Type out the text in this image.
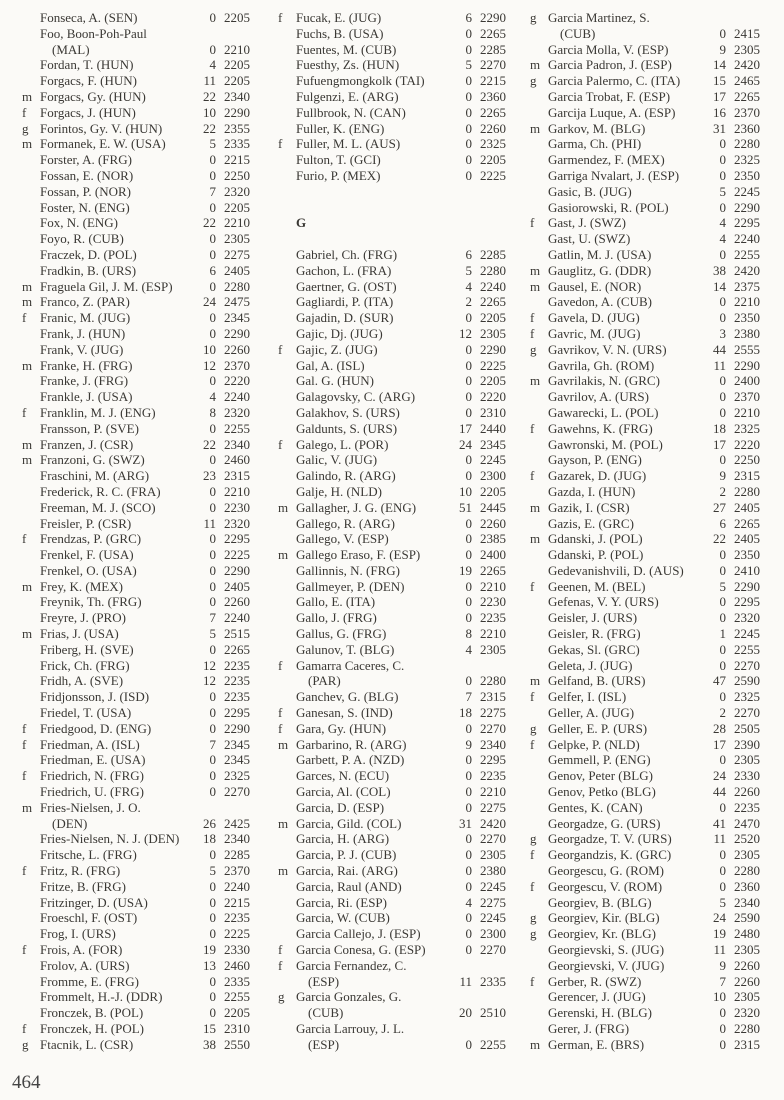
Fonseca, A. (SEN)	0 2205
Foo, Boon-Poh-Paul
(MAL)	0 2210
Fordan, T. (HUN)	4 2205
Forgacs, F. (HUN)	11 2205
m Forgacs, Gy. (HUN)	22 2340
f	Forgacs, J. (HUN)	10 2290
g Forintos, Gy. V. (HUN)	22 2355
m Formanek, E. W. (USA)	5 2335
Forster, A. (FRG)	0 2215
Fossan, E. (NOR)	0 2250
Fossan, P. (NOR)	7 2320
Foster, N. (ENG)	0 2205
Fox, N. (ENG)	22 2210
Foyo, R. (CUB)	0 2305
Fraczek, D. (POL)	0 2275
Fradkin, B. (URS)	6 2405
m Fraguela Gil, J. M. (ESP)	0 2280
m Franco, Z. (PAR)	24 2475
f	Franic, M. (JUG)	0 2345
Frank, J. (HUN)	0 2290
Frank, V. (JUG)	10 2260
m Franke, H. (FRG)	12 2370
Franke, J. (FRG)	0 2220
Frankle, J. (USA)	4 2240
f	Franklin, M. J. (ENG)	8 2320
Fransson, P. (SVE)	0 2255
m Franzen, J. (CSR)	22 2340
m Franzoni, G. (SWZ)	0 2460
Fraschini, M. (ARG)	23 2315
Frederick, R. C. (FRA)	0 2210
Freeman, M. J. (SCO)	0 2230
Freisler, P. (CSR)	11 2320
f	Frendzas, P. (GRC)	0 2295
Frenkel, F. (USA)	0 2225
Frenkel, O. (USA)	0 2290
m Frey, K. (MEX)	0 2405
Freynik, Th. (FRG)	0 2260
Freyre, J. (PRO)	7 2240
m Frias, J. (USA)	5 2515
Friberg, H. (SVE)	0 2265
Frick, Ch. (FRG)	12 2235
Fridh, A. (SVE)	12 2235
Fridjonsson, J. (ISD)	0 2235
Friedel, T. (USA)	0 2295
f	Friedgood, D. (ENG)	0 2290
f	Friedman, A. (ISL)	7 2345
Friedman, E. (USA)	0 2345
f	Friedrich, N. (FRG)	0 2325
Friedrich, U. (FRG)	0 2270
m Fries-Nielsen, J. O.
(DEN)	26 2425
Fries-Nielsen, N. J. (DEN)	18 2340
Fritsche, L. (FRG)	0 2285
f	Fritz, R. (FRG)	5 2370
Fritze, B. (FRG)	0 2240
Fritzinger, D. (USA)	0 2215
Froeschl, F. (OST)	0 2235
Frog, I. (URS)	0 2225
f	Frois, A. (FOR)	19 2330
Frolov, A. (URS)	13 2460
Fromme, E. (FRG)	0 2335
Frommelt, H.-J. (DDR)	0 2255
Fronczek, B. (POL)	0 2205
f	Fronczek, H. (POL)	15 2310
g Ftacnik, L. (CSR)	38 2550
f	Fucak, E. (JUG)	6 2290
Fuchs, B. (USA)	0 2265
Fuentes, M. (CUB)	0 2285
Fuesthy, Zs. (HUN)	5 2270
Fufuengmongkolk (TAI)	0 2215
Fulgenzi, E. (ARG)	0 2360
Fullbrook, N. (CAN)	0 2265
Fuller, K. (ENG)	0 2260
f	Fuller, M. L. (AUS)	0 2325
Fulton, T. (GCI)	0 2205
Furio, P. (MEX)	0 2225
G
Gabriel, Ch. (FRG)	6 2285
Gachon, L. (FRA)	5 2280
Gaertner, G. (OST)	4 2240
Gagliardi, P. (ITA)	2 2265
Gajadin, D. (SUR)	0 2205
Gajic, Dj. (JUG)	12 2305
f	Gajic, Z. (JUG)	0 2290
Gal, A. (ISL)	0 2225
Gal. G. (HUN)	0 2205
Galagovsky, C. (ARG)	0 2220
Galakhov, S. (URS)	0 2310
Galdunts, S. (URS)	17 2440
f	Galego, L. (POR)	24 2345
Galic, V. (JUG)	0 2245
Galindo, R. (ARG)	0 2300
Galje, H. (NLD)	10 2205
m Gallagher, J. G. (ENG)	51 2445
Gallego, R. (ARG)	0 2260
Gallego, V. (ESP)	0 2385
m Gallego Eraso, F. (ESP)	0 2400
Gallinnis, N. (FRG)	19 2265
Gallmeyer, P. (DEN)	0 2210
Gallo, E. (ITA)	0 2230
Gallo, J. (FRG)	0 2235
Gallus, G. (FRG)	8 2210
Galunov, T. (BLG)	4 2305
f	Gamarra Caceres, C.
(PAR)	0 2280
Ganchev, G. (BLG)	7 2315
f	Ganesan, S. (IND)	18 2275
f	Gara, Gy. (HUN)	0 2270
m Garbarino, R. (ARG)	9 2340
Garbett, P. A. (NZD)	0 2295
Garces, N. (ECU)	0 2235
Garcia, Al. (COL)	0 2210
Garcia, D. (ESP)	0 2275
m Garcia, Gild. (COL)	31 2420
Garcia, H. (ARG)	0 2270
Garcia, P. J. (CUB)	0 2305
m Garcia, Rai. (ARG)	0 2380
Garcia, Raul (AND)	0 2245
Garcia, Ri. (ESP)	4 2275
Garcia, W. (CUB)	0 2245
Garcia Callejo, J. (ESP)	0 2300
f	Garcia Conesa, G. (ESP)	0 2270
f	Garcia Fernandez, C.
(ESP)	11 2335
g Garcia Gonzales, G.
(CUB)	20 2510
Garcia Larrouy, J. L.
(ESP)	0 2255
g Garcia Martinez, S.
(CUB)	0 2415
Garcia Molla, V. (ESP)	9 2305
m Garcia Padron, J. (ESP)	14 2420
g Garcia Palermo, C. (ITA)	15 2465
Garcia Trobat, F. (ESP)	17 2265
Garcija Luque, A. (ESP)	16 2370
m Garkov, M. (BLG)	31 2360
Garma, Ch. (PHI)	0 2280
Garmendez, F. (MEX)	0 2325
Garriga Nvalart, J. (ESP)	0 2350
Gasic, B. (JUG)	5 2245
Gasiorowski, R. (POL)	0 2290
f	Gast, J. (SWZ)	4 2295
Gast, U. (SWZ)	4 2240
Gatlin, M. J. (USA)	0 2255
m Gauglitz, G. (DDR)	38 2420
m Gausel, E. (NOR)	14 2375
Gavedon, A. (CUB)	0 2210
f	Gavela, D. (JUG)	0 2350
f	Gavric, M. (JUG)	3 2380
g Gavrikov, V. N. (URS)	44 2555
Gavrila, Gh. (ROM)	11 2290
m Gavrilakis, N. (GRC)	0 2400
Gavrilov, A. (URS)	0 2370
Gawarecki, L. (POL)	0 2210
f	Gawehns, K. (FRG)	18 2325
Gawronski, M. (POL)	17 2220
Gayson, P. (ENG)	0 2250
f	Gazarek, D. (JUG)	9 2315
Gazda, I. (HUN)	2 2280
m Gazik, I. (CSR)	27 2405
Gazis, E. (GRC)	6 2265
m Gdanski, J. (POL)	22 2405
Gdanski, P. (POL)	0 2350
Gedevanishvili, D. (AUS)	0 2410
f	Geenen, M. (BEL)	5 2290
Gefenas, V. Y. (URS)	0 2295
Geisler, J. (URS)	0 2320
Geisler, R. (FRG)	1 2245
Gekas, Sl. (GRC)	0 2255
Geleta, J. (JUG)	0 2270
m Gelfand, B. (URS)	47 2590
f	Gelfer, I. (ISL)	0 2325
Geller, A. (JUG)	2 2270
g Geller, E. P. (URS)	28 2505
f	Gelpke, P. (NLD)	17 2390
Gemmell, P. (ENG)	0 2305
Genov, Peter (BLG)	24 2330
Genov, Petko (BLG)	44 2260
Gentes, K. (CAN)	0 2235
Georgadze, G. (URS)	41 2470
g Georgadze, T. V. (URS)	11 2520
f	Georgandzis, K. (GRC)	0 2305
Georgescu, G. (ROM)	0 2280
f	Georgescu, V. (ROM)	0 2360
Georgiev, B. (BLG)	5 2340
g Georgiev, Kir. (BLG)	24 2590
g Georgiev, Kr. (BLG)	19 2480
Georgievski, S. (JUG)	11 2305
Georgievski, V. (JUG)	9 2260
f	Gerber, R. (SWZ)	7 2260
Gerencer, J. (JUG)	10 2305
Gerenski, H. (BLG)	0 2320
Gerer, J. (FRG)	0 2280
m German, E. (BRS)	0 2315
464
